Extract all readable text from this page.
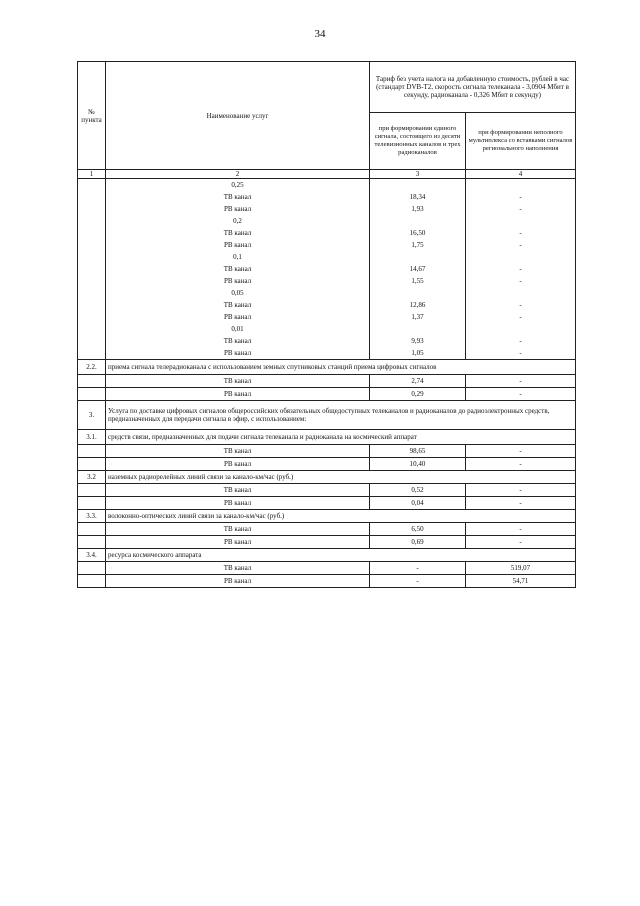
34
№ пункта	Наименование услуг	Тариф без учета налога на добавленную стоимость, рублей в час (стандарт DVB-T2, скорость сигнала телеканала - 3,0904 Мбит в секунду, радиоканала - 0,326 Мбит в секунду)	
		при формировании единого сигнала, состоящего из десяти телевизионных каналов и трех радиоканалов	при формировании неполного мультиплекса со вставками сигналов регионального наполнения
1	2	3	4
	0,25		
	ТВ канал	18,34	-
	РВ канал	1,93	-
	0,2		
	ТВ канал	16,50	-
	РВ канал	1,75	-
	0,1		
	ТВ канал	14,67	-
	РВ канал	1,55	-
	0,05		
	ТВ канал	12,86	-
	РВ канал	1,37	-
	0,01		
	ТВ канал	9,93	-
	РВ канал	1,05	-
2.2.	приема сигнала телерадиоканала с использованием земных спутниковых станций приема цифровых сигналов		
	ТВ канал	2,74	-
	РВ канал	0,29	-
3.	Услуга по доставке цифровых сигналов общероссийских обязательных общедоступных телеканалов и радиоканалов до радиоэлектронных средств, предназначенных для передачи сигнала в эфир, с использованием:		
3.1.	средств связи, предназначенных для подачи сигнала телеканала и радиоканала на космический аппарат		
	ТВ канал	98,65	-
	РВ канал	10,40	-
3.2	наземных радиорелейных линий связи за канало-км/час (руб.)		
	ТВ канал	0,52	-
	РВ канал	0,04	-
3.3.	волоконно-оптических линий связи за канало-км/час (руб.)		
	ТВ канал	6,50	-
	РВ канал	0,69	-
3.4.	ресурса космического аппарата		
	ТВ канал	-	519,07
	РВ канал	-	54,71
